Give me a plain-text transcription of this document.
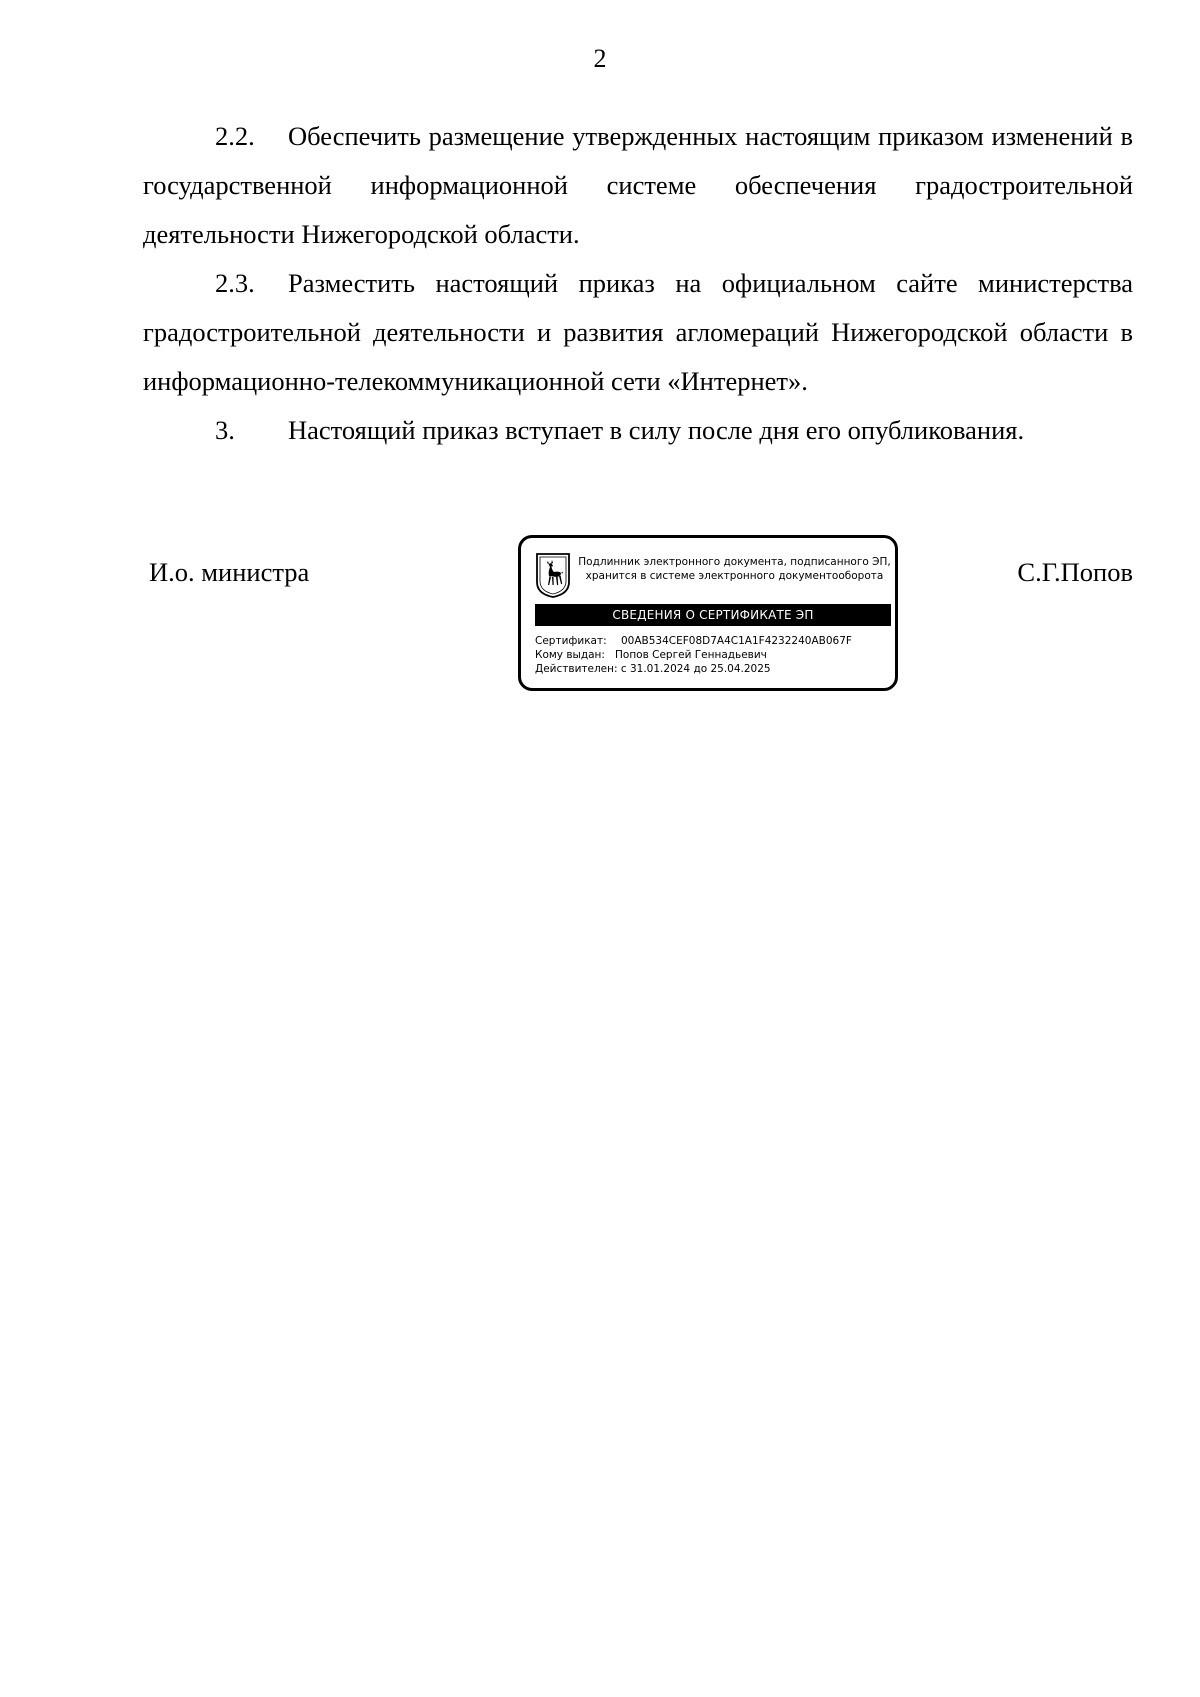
2

2.2. Обеспечить размещение утвержденных настоящим приказом изменений в государственной информационной системе обеспечения градостроительной деятельности Нижегородской области.

2.3. Разместить настоящий приказ на официальном сайте министерства градостроительной деятельности и развития агломераций Нижегородской области в информационно-телекоммуникационной сети «Интернет».

3. Настоящий приказ вступает в силу после дня его опубликования.

И.о. министра	Подлинник электронного документа, подписанного ЭП,
хранится в системе электронного документооборота
СВЕДЕНИЯ О СЕРТИФИКАТЕ ЭП
Сертификат: 00AB534CEF08D7A4C1A1F4232240AB067F
Кому выдан: Попов Сергей Геннадьевич
Действителен: с 31.01.2024 до 25.04.2025
С.Г.Попов
